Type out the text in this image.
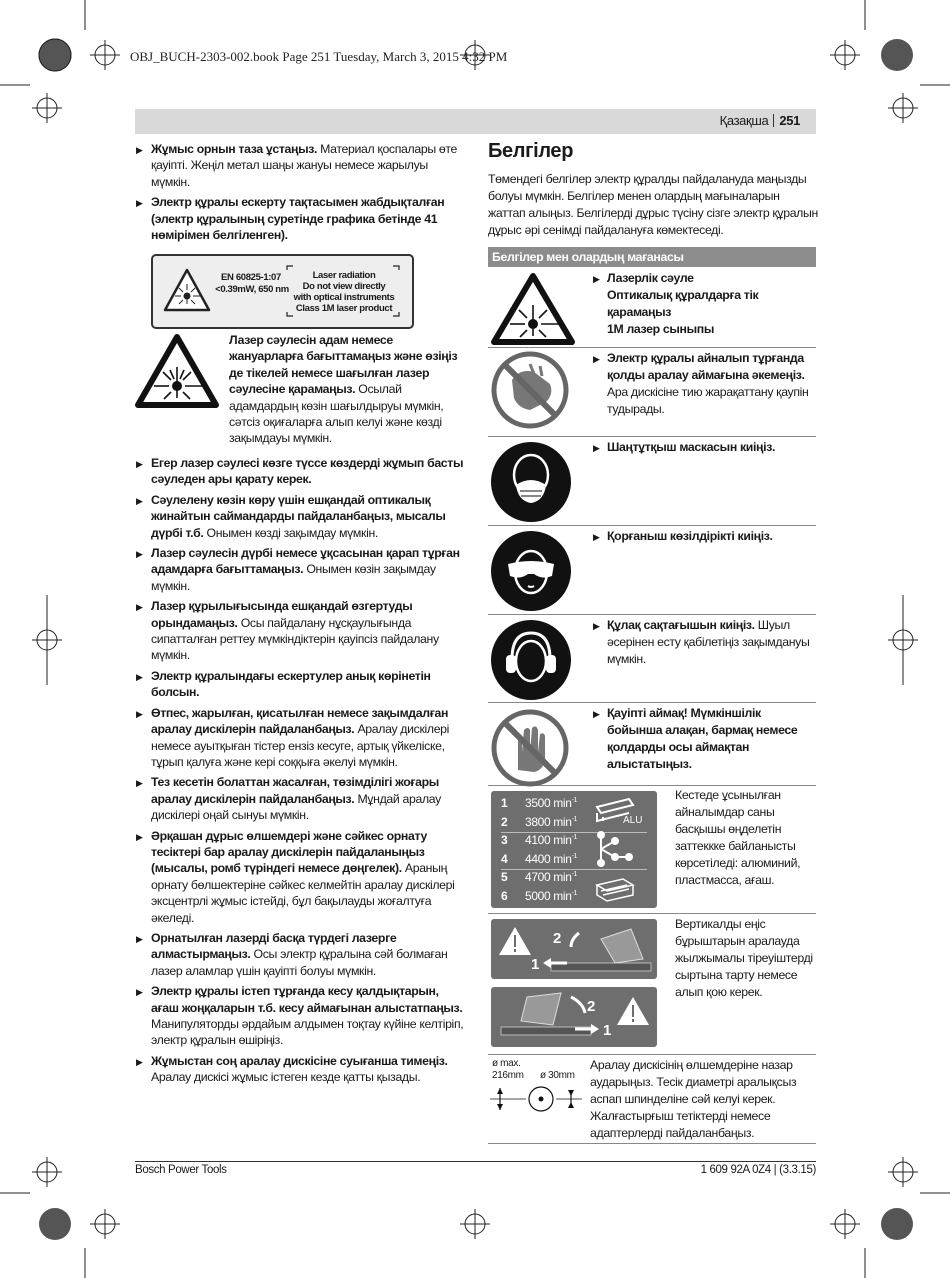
OBJ_BUCH-2303-002.book Page 251 Tuesday, March 3, 2015 4:32 PM
Қазақша 251
▶ Жұмыс орнын таза ұстаңыз. Материал қоспалары өте қауіпті. Жеңіл метал шаңы жануы немесе жарылуы мүмкін.
▶ Электр құралы ескерту тақтасымен жабдықталған (электр құралының суретінде графика бетінде 41 нөмірімен белгіленген).
EN 60825-1:07
<0.39mW, 650 nm
Laser radiation
Do not view directly
with optical instruments
Class 1M laser product
Лазер сәулесін адам немесе жануарларға бағыттамаңыз және өзіңіз де тікелей немесе шағылған лазер сәулесіне қарамаңыз. Осылай адамдардың көзін шағылдыруы мүмкін, сәтсіз оқиғаларға алып келуі және көзді зақымдауы мүмкін.
▶ Егер лазер сәулесі көзге түссе көздерді жұмып басты сәуледен ары қарату керек.
▶ Сәулелену көзін көру үшін ешқандай оптикалық жинайтын саймандарды пайдаланбаңыз, мысалы дүрбі т.б. Онымен көзді зақымдау мүмкін.
▶ Лазер сәулесін дүрбі немесе ұқсасынан қарап тұрған адамдарға бағыттамаңыз. Онымен көзін зақымдау мүмкін.
▶ Лазер құрылығысында ешқандай өзгертуды орындамаңыз. Осы пайдалану нұсқаулығында сипатталған реттеу мүмкіндіктерін қауіпсіз пайдалану мүмкін.
▶ Электр құралындағы ескертулер анық көрінетін болсын.
▶ Өтпес, жарылған, қисатылған немесе зақымдалған аралау дискілерін пайдаланбаңыз. Аралау дискілері немесе ауытқыған тістер ензіз кесуге, артық үйкеліске, тұрып қалуға және кері соққыға әкелуі мүмкін.
▶ Тез кесетін болаттан жасалған, төзімділігі жоғары аралау дискілерін пайдаланбаңыз. Мұндай аралау дискілері оңай сынуы мүмкін.
▶ Әрқашан дұрыс өлшемдері және сәйкес орнату тесіктері бар аралау дискілерін пайдаланыңыз (мысалы, ромб түріндегі немесе дөңгелек). Араның орнату бөлшектеріне сәйкес келмейтін аралау дискілері эксцентрлі жұмыс істейді, бұл бақылауды жоғалтуға әкеледі.
▶ Орнатылған лазерді басқа түрдегі лазерге алмастырмаңыз. Осы электр құралына сәй болмаған лазер аламлар үшін қауіпті болуы мүмкін.
▶ Электр құралы істеп тұрғанда кесу қалдықтарын, ағаш жоңқаларын т.б. кесу аймағынан алыстатпаңыз. Манипуляторды әрдайым алдымен тоқтау күйіне келтіріп, электр құралын өшіріңіз.
▶ Жұмыстан соң аралау дискісіне суығанша тимеңіз. Аралау дискісі жұмыс істеген кезде қатты қызады.
Белгілер
Төмендегі белгілер электр құралды пайдалануда маңызды болуы мүмкін. Белгілер менен олардың мағыналарын жаттап алыңыз. Белгілерді дұрыс түсіну сізге электр құралын дұрыс әрі сенімді пайдалануға көмектеседі.
Белгілер мен олардың мағанасы
▶ Лазерлік сәуле
Оптикалық құралдарға тік қарамаңыз
1М лазер сыныпы
▶ Электр құралы айналып тұрғанда қолды аралау аймағына әкемеңіз. Ара дискісіне тию жарақаттану қаупін тудырады.
▶ Шаңтұтқыш маскасын киіңіз.
▶ Қорғаныш көзілдірікті киіңіз.
▶ Құлақ сақтағышын киіңіз. Шуыл әсерінен есту қабілетіңіз зақымдануы мүмкін.
▶ Қауіпті аймақ! Мүмкіншілік бойынша алақан, бармақ немесе қолдарды осы аймақтан алыстатыңыз.
1 3500 $\min^{-1}$
2 3800 $\min^{-1}$
3 4100 $\min^{-1}$
4 4400 $\min^{-1}$
5 4700 $\min^{-1}$
6 5000 $\min^{-1}$
ALU
Кестеде ұсынылған айналымдар саны басқышы өңделетін заттеккке байланысты көрсетіледі: алюминий, пластмасса, ағаш.
2
1
2
1
Вертикалды еңіс бұрыштарын аралауда жылжымалы тіреуіштерді сыртына тарту немесе алып қою керек.
ø max.
216mm ø 30mm
Аралау дискісінің өлшемдеріне назар аударыңыз. Тесік диаметрі аралықсыз аспап шпинделіне сәй келуі керек. Жалғастырғыш тетіктерді немесе адаптерлерді пайдаланбаңыз.
Bosch Power Tools	1 609 92A 0Z4 | (3.3.15)
